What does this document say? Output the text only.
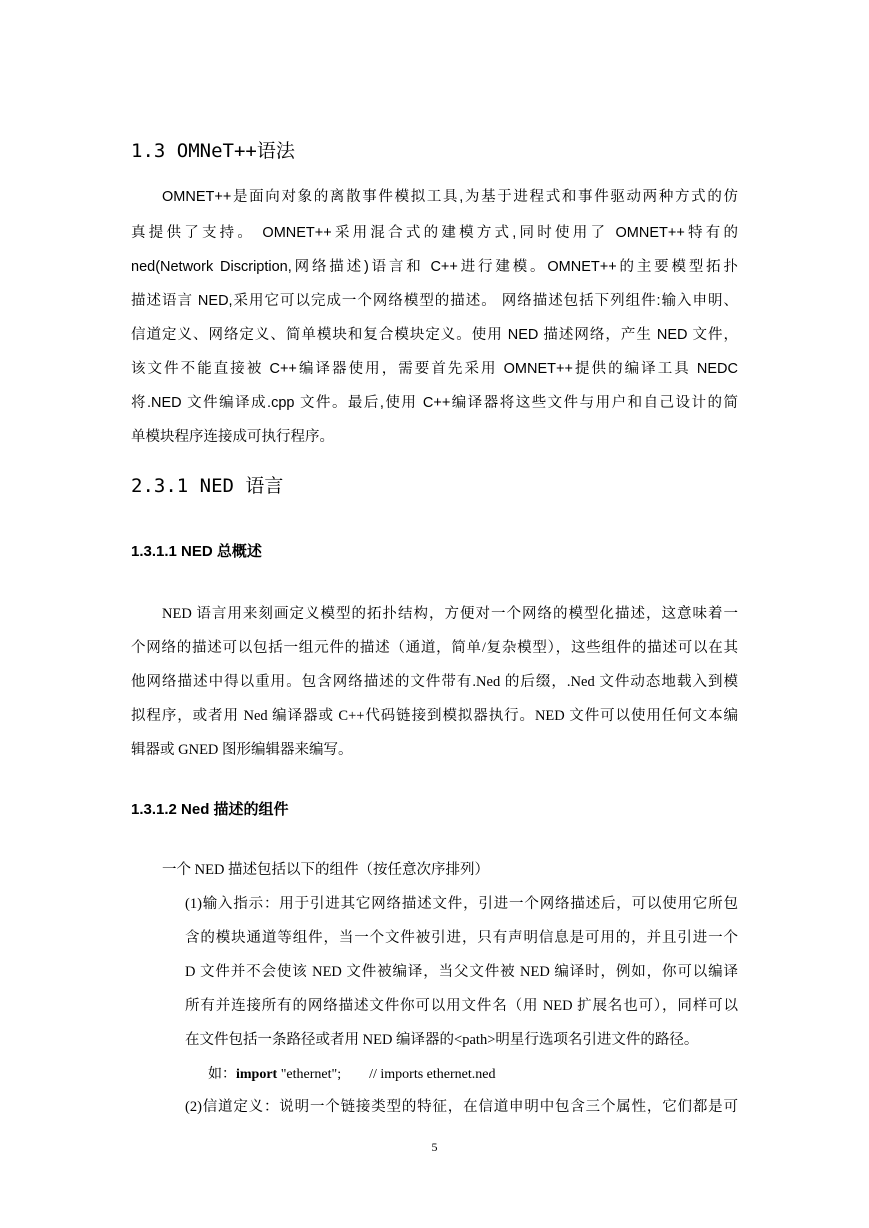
1.3 OMNeT++语法
OMNET++是面向对象的离散事件模拟工具,为基于进程式和事件驱动两种方式的仿
真提供了支持。 OMNET++采用混合式的建模方式,同时使用了 OMNET++特有的
ned(Network Discription,网络描述)语言和 C++进行建模。OMNET++的主要模型拓扑
描述语言 NED,采用它可以完成一个网络模型的描述。 网络描述包括下列组件:输入申明、
信道定义、网络定义、简单模块和复合模块定义。使用 NED 描述网络，产生 NED 文件，
该文件不能直接被 C++编译器使用，需要首先采用 OMNET++提供的编译工具 NEDC
将.NED 文件编译成.cpp 文件。最后,使用 C++编译器将这些文件与用户和自己设计的简
单模块程序连接成可执行程序。
2.3.1 NED 语言
1.3.1.1 NED 总概述
NED 语言用来刻画定义模型的拓扑结构，方便对一个网络的模型化描述，这意味着一
个网络的描述可以包括一组元件的描述（通道，简单/复杂模型），这些组件的描述可以在其
他网络描述中得以重用。包含网络描述的文件带有.Ned 的后缀，.Ned 文件动态地载入到模
拟程序，或者用 Ned 编译器或 C++代码链接到模拟器执行。NED 文件可以使用任何文本编
辑器或 GNED 图形编辑器来编写。
1.3.1.2 Ned 描述的组件
一个 NED 描述包括以下的组件（按任意次序排列）
(1)输入指示：用于引进其它网络描述文件，引进一个网络描述后，可以使用它所包
含的模块通道等组件，当一个文件被引进，只有声明信息是可用的，并且引进一个
D 文件并不会使该 NED 文件被编译，当父文件被 NED 编译时，例如，你可以编译
所有并连接所有的网络描述文件你可以用文件名（用 NED 扩展名也可），同样可以
在文件包括一条路径或者用 NED 编译器的<path>明星行选项名引进文件的路径。
如：import "ethernet"; // imports ethernet.ned
(2)信道定义：说明一个链接类型的特征，在信道申明中包含三个属性，它们都是可
5
